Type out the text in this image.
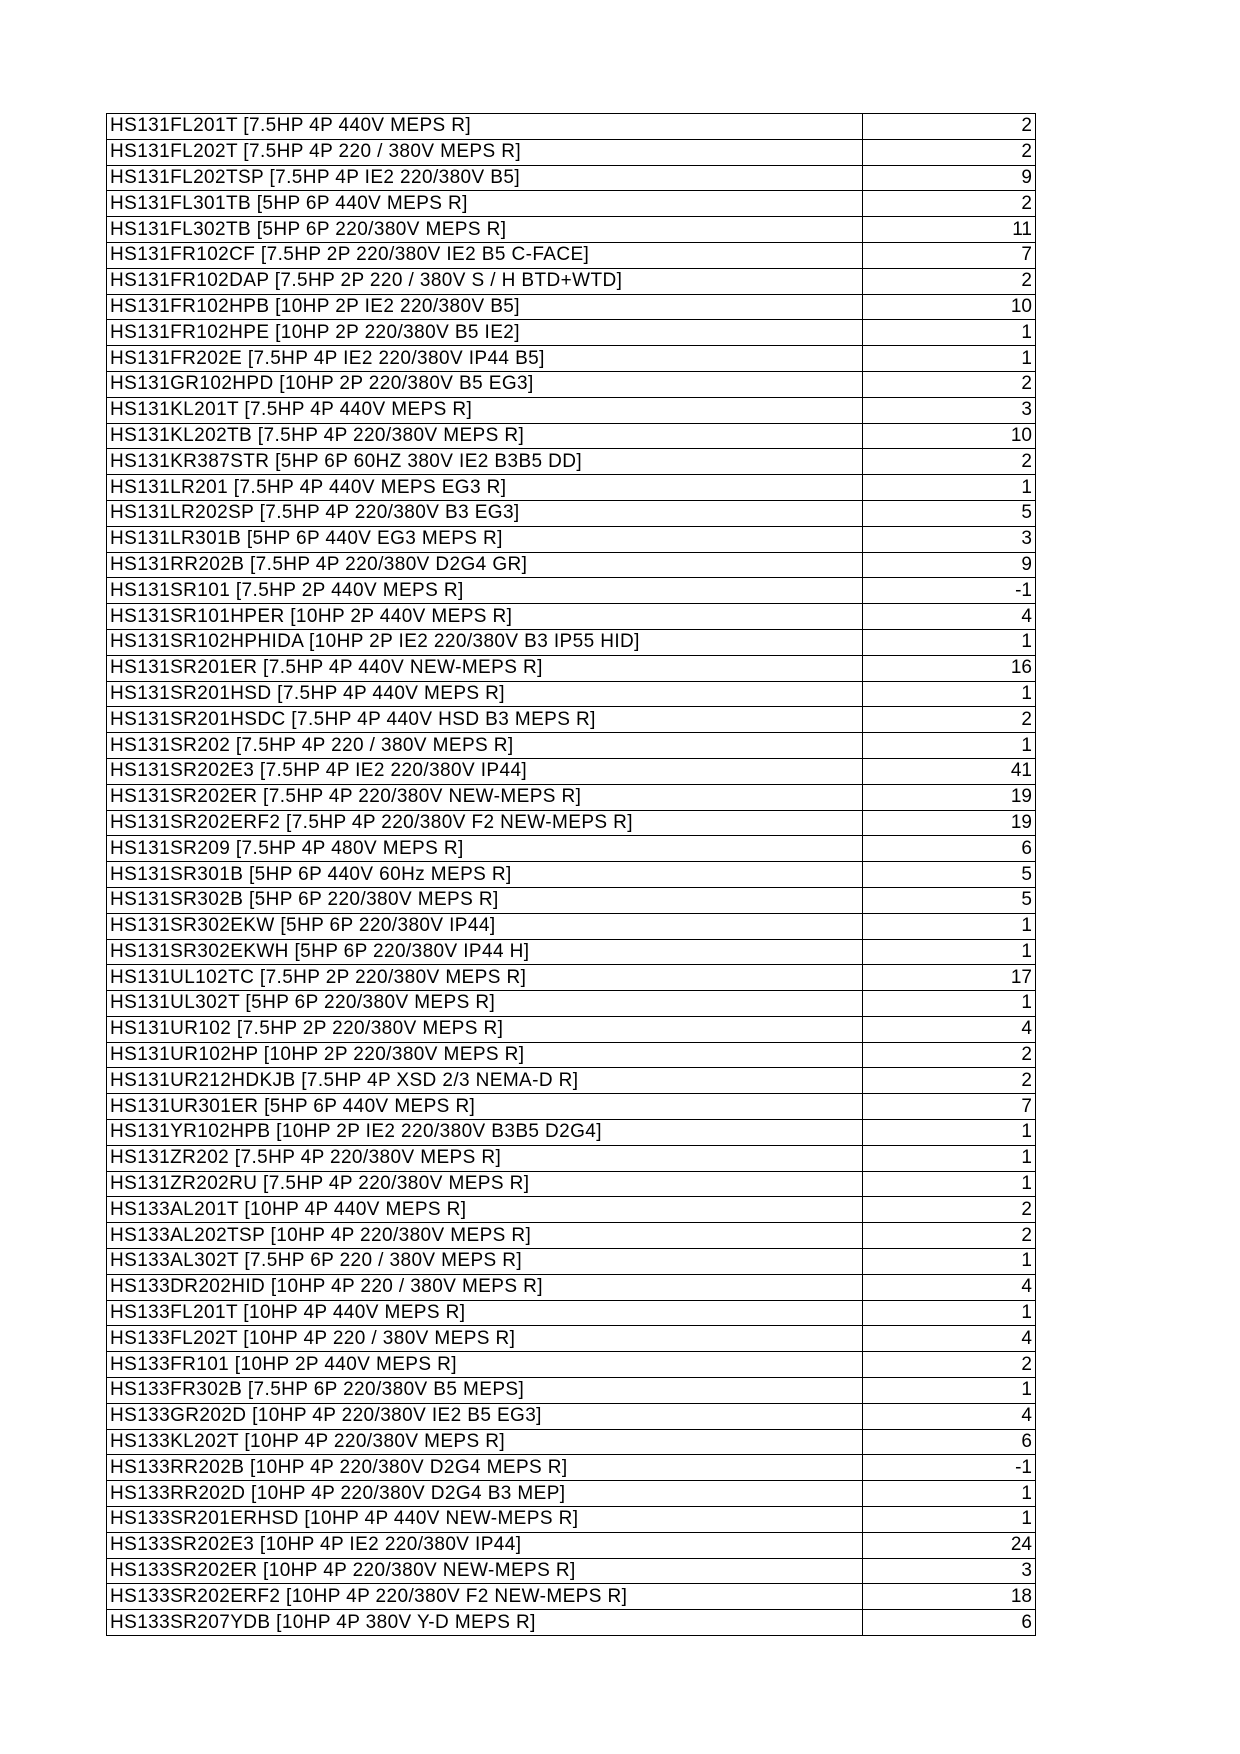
HS131FL201T [7.5HP 4P 440V MEPS R]	2
HS131FL202T [7.5HP 4P 220 / 380V MEPS R]	2
HS131FL202TSP [7.5HP 4P IE2 220/380V B5]	9
HS131FL301TB [5HP 6P 440V MEPS R]	2
HS131FL302TB [5HP 6P 220/380V MEPS R]	11
HS131FR102CF [7.5HP 2P 220/380V IE2 B5 C-FACE]	7
HS131FR102DAP [7.5HP 2P 220 / 380V S / H BTD+WTD]	2
HS131FR102HPB [10HP 2P IE2 220/380V B5]	10
HS131FR102HPE [10HP 2P 220/380V B5 IE2]	1
HS131FR202E [7.5HP 4P IE2 220/380V IP44 B5]	1
HS131GR102HPD [10HP 2P 220/380V B5 EG3]	2
HS131KL201T [7.5HP 4P 440V MEPS R]	3
HS131KL202TB [7.5HP 4P 220/380V MEPS R]	10
HS131KR387STR [5HP 6P 60HZ 380V IE2 B3B5 DD]	2
HS131LR201 [7.5HP 4P 440V MEPS EG3 R]	1
HS131LR202SP [7.5HP 4P 220/380V B3 EG3]	5
HS131LR301B [5HP 6P 440V EG3 MEPS R]	3
HS131RR202B [7.5HP 4P 220/380V D2G4 GR]	9
HS131SR101 [7.5HP 2P 440V MEPS R]	-1
HS131SR101HPER [10HP 2P 440V MEPS R]	4
HS131SR102HPHIDA [10HP 2P IE2 220/380V B3 IP55 HID]	1
HS131SR201ER [7.5HP 4P 440V NEW-MEPS R]	16
HS131SR201HSD [7.5HP 4P 440V MEPS R]	1
HS131SR201HSDC [7.5HP 4P 440V HSD B3 MEPS R]	2
HS131SR202 [7.5HP 4P 220 / 380V MEPS R]	1
HS131SR202E3 [7.5HP 4P IE2 220/380V IP44]	41
HS131SR202ER [7.5HP 4P 220/380V NEW-MEPS R]	19
HS131SR202ERF2 [7.5HP 4P 220/380V F2 NEW-MEPS R]	19
HS131SR209 [7.5HP 4P 480V MEPS R]	6
HS131SR301B [5HP 6P 440V 60Hz MEPS R]	5
HS131SR302B [5HP 6P 220/380V MEPS R]	5
HS131SR302EKW [5HP 6P 220/380V IP44]	1
HS131SR302EKWH [5HP 6P 220/380V IP44 H]	1
HS131UL102TC [7.5HP 2P 220/380V MEPS R]	17
HS131UL302T [5HP 6P 220/380V MEPS R]	1
HS131UR102 [7.5HP 2P 220/380V MEPS R]	4
HS131UR102HP [10HP 2P 220/380V MEPS R]	2
HS131UR212HDKJB [7.5HP 4P XSD 2/3 NEMA-D R]	2
HS131UR301ER [5HP 6P 440V MEPS R]	7
HS131YR102HPB [10HP 2P IE2 220/380V B3B5 D2G4]	1
HS131ZR202 [7.5HP 4P 220/380V MEPS R]	1
HS131ZR202RU [7.5HP 4P 220/380V MEPS R]	1
HS133AL201T [10HP 4P 440V MEPS R]	2
HS133AL202TSP [10HP 4P 220/380V MEPS R]	2
HS133AL302T [7.5HP 6P 220 / 380V MEPS R]	1
HS133DR202HID [10HP 4P 220 / 380V MEPS R]	4
HS133FL201T [10HP 4P 440V MEPS R]	1
HS133FL202T [10HP 4P 220 / 380V MEPS R]	4
HS133FR101 [10HP 2P 440V MEPS R]	2
HS133FR302B [7.5HP 6P 220/380V B5 MEPS]	1
HS133GR202D [10HP 4P 220/380V IE2 B5 EG3]	4
HS133KL202T [10HP 4P 220/380V MEPS R]	6
HS133RR202B [10HP 4P 220/380V D2G4 MEPS R]	-1
HS133RR202D [10HP 4P 220/380V D2G4 B3 MEP]	1
HS133SR201ERHSD [10HP 4P 440V NEW-MEPS R]	1
HS133SR202E3 [10HP 4P IE2 220/380V IP44]	24
HS133SR202ER [10HP 4P 220/380V NEW-MEPS R]	3
HS133SR202ERF2 [10HP 4P 220/380V F2 NEW-MEPS R]	18
HS133SR207YDB [10HP 4P 380V Y-D MEPS R]	6
